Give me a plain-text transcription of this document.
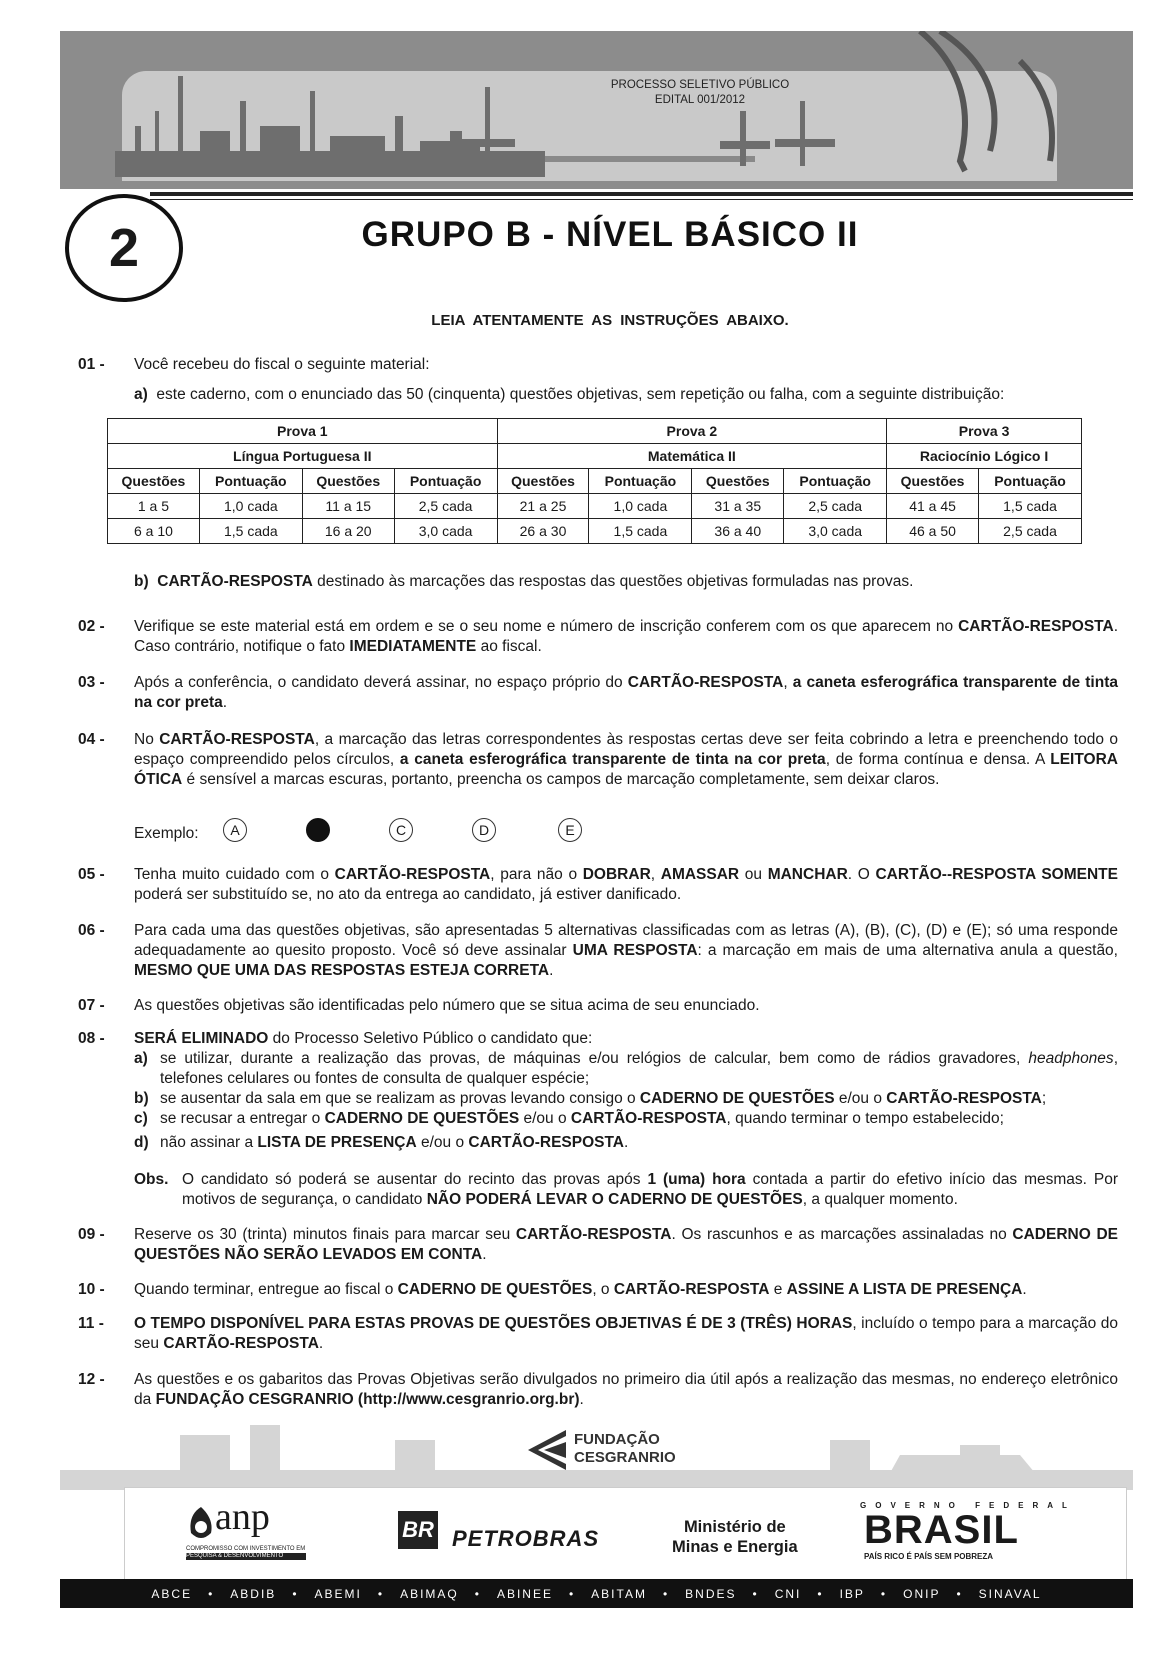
PROCESSO SELETIVO PÚBLICO
EDITAL 001/2012
2	GRUPO B - NÍVEL BÁSICO II
LEIA ATENTAMENTE AS INSTRUÇÕES ABAIXO.
01 - Você recebeu do fiscal o seguinte material:
a) este caderno, com o enunciado das 50 (cinquenta) questões objetivas, sem repetição ou falha, com a seguinte distribuição:
Prova 1				Prova 2				Prova 3	
Língua Portuguesa II				Matemática II				Raciocínio Lógico I	
Questões	Pontuação	Questões	Pontuação	Questões	Pontuação	Questões	Pontuação	Questões	Pontuação
1 a 5	1,0 cada	11 a 15	2,5 cada	21 a 25	1,0 cada	31 a 35	2,5 cada	41 a 45	1,5 cada
6 a 10	1,5 cada	16 a 20	3,0 cada	26 a 30	1,5 cada	36 a 40	3,0 cada	46 a 50	2,5 cada
b) CARTÃO-RESPOSTA destinado às marcações das respostas das questões objetivas formuladas nas provas.
02 - Verifique se este material está em ordem e se o seu nome e número de inscrição conferem com os que aparecem no CARTÃO-RESPOSTA. Caso contrário, notifique o fato IMEDIATAMENTE ao fiscal.
03 - Após a conferência, o candidato deverá assinar, no espaço próprio do CARTÃO-RESPOSTA, a caneta esferográfica transparente de tinta na cor preta.
04 - No CARTÃO-RESPOSTA, a marcação das letras correspondentes às respostas certas deve ser feita cobrindo a letra e preenchendo todo o espaço compreendido pelos círculos, a caneta esferográfica transparente de tinta na cor preta, de forma contínua e densa. A LEITORA ÓTICA é sensível a marcas escuras, portanto, preencha os campos de marcação completamente, sem deixar claros.
Exemplo:	A	C	D	E
05 - Tenha muito cuidado com o CARTÃO-RESPOSTA, para não o DOBRAR, AMASSAR ou MANCHAR. O CARTÃO--RESPOSTA SOMENTE poderá ser substituído se, no ato da entrega ao candidato, já estiver danificado.
06 - Para cada uma das questões objetivas, são apresentadas 5 alternativas classificadas com as letras (A), (B), (C), (D) e (E); só uma responde adequadamente ao quesito proposto. Você só deve assinalar UMA RESPOSTA: a marcação em mais de uma alternativa anula a questão, MESMO QUE UMA DAS RESPOSTAS ESTEJA CORRETA.
07 - As questões objetivas são identificadas pelo número que se situa acima de seu enunciado.
08 - SERÁ ELIMINADO do Processo Seletivo Público o candidato que:
a) se utilizar, durante a realização das provas, de máquinas e/ou relógios de calcular, bem como de rádios gravadores, headphones, telefones celulares ou fontes de consulta de qualquer espécie;
b) se ausentar da sala em que se realizam as provas levando consigo o CADERNO DE QUESTÕES e/ou o CARTÃO-RESPOSTA;
c) se recusar a entregar o CADERNO DE QUESTÕES e/ou o CARTÃO-RESPOSTA, quando terminar o tempo estabelecido;
d) não assinar a LISTA DE PRESENÇA e/ou o CARTÃO-RESPOSTA.
Obs. O candidato só poderá se ausentar do recinto das provas após 1 (uma) hora contada a partir do efetivo início das mesmas. Por motivos de segurança, o candidato NÃO PODERÁ LEVAR O CADERNO DE QUESTÕES, a qualquer momento.
09 - Reserve os 30 (trinta) minutos finais para marcar seu CARTÃO-RESPOSTA. Os rascunhos e as marcações assinaladas no CADERNO DE QUESTÕES NÃO SERÃO LEVADOS EM CONTA.
10 - Quando terminar, entregue ao fiscal o CADERNO DE QUESTÕES, o CARTÃO-RESPOSTA e ASSINE A LISTA DE PRESENÇA.
11 - O TEMPO DISPONÍVEL PARA ESTAS PROVAS DE QUESTÕES OBJETIVAS É DE 3 (TRÊS) HORAS, incluído o tempo para a marcação do seu CARTÃO-RESPOSTA.
12 - As questões e os gabaritos das Provas Objetivas serão divulgados no primeiro dia útil após a realização das mesmas, no endereço eletrônico da FUNDAÇÃO CESGRANRIO (http://www.cesgranrio.org.br).
FUNDAÇÃO
CESGRANRIO
anp
COMPROMISSO COM INVESTIMENTO EM
PESQUISA & DESENVOLVIMENTO
BR PETROBRAS	Ministério de
Minas e Energia
GOVERNO FEDERAL
BRASIL
PAÍS RICO É PAÍS SEM POBREZA
ABCE • ABDIB • ABEMI • ABIMAQ • ABINEE • ABITAM • BNDES • CNI • IBP • ONIP • SINAVAL
